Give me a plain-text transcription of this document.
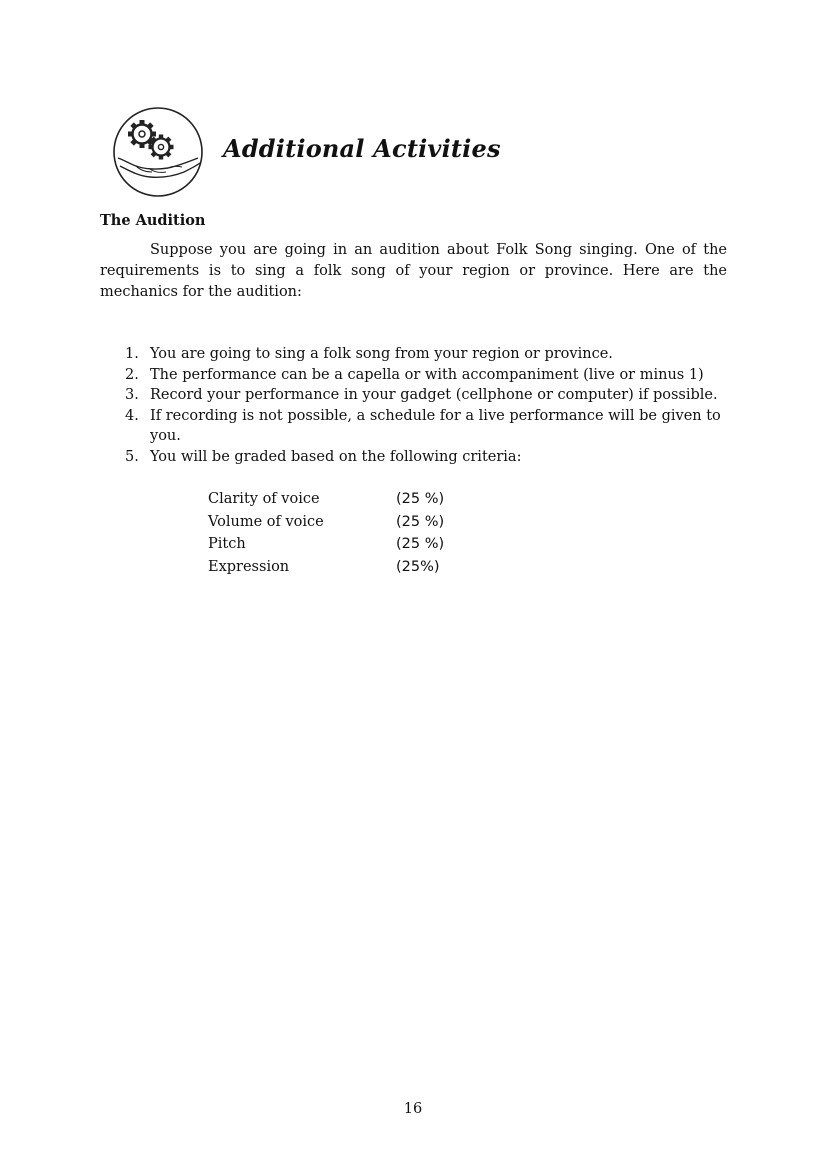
Additional Activities
The Audition

Suppose you are going in an audition about Folk Song singing. One of the requirements is to sing a folk song of your region or province. Here are the mechanics for the audition:

1. You are going to sing a folk song from your region or province.
2. The performance can be a capella or with accompaniment (live or minus 1)
3. Record your performance in your gadget (cellphone or computer) if possible.
4. If recording is not possible, a schedule for a live performance will be given to you.
5. You will be graded based on the following criteria:
Clarity of voice	(25 %)
Volume of voice	(25 %)
Pitch	(25 %)
Expression	(25%)
16
